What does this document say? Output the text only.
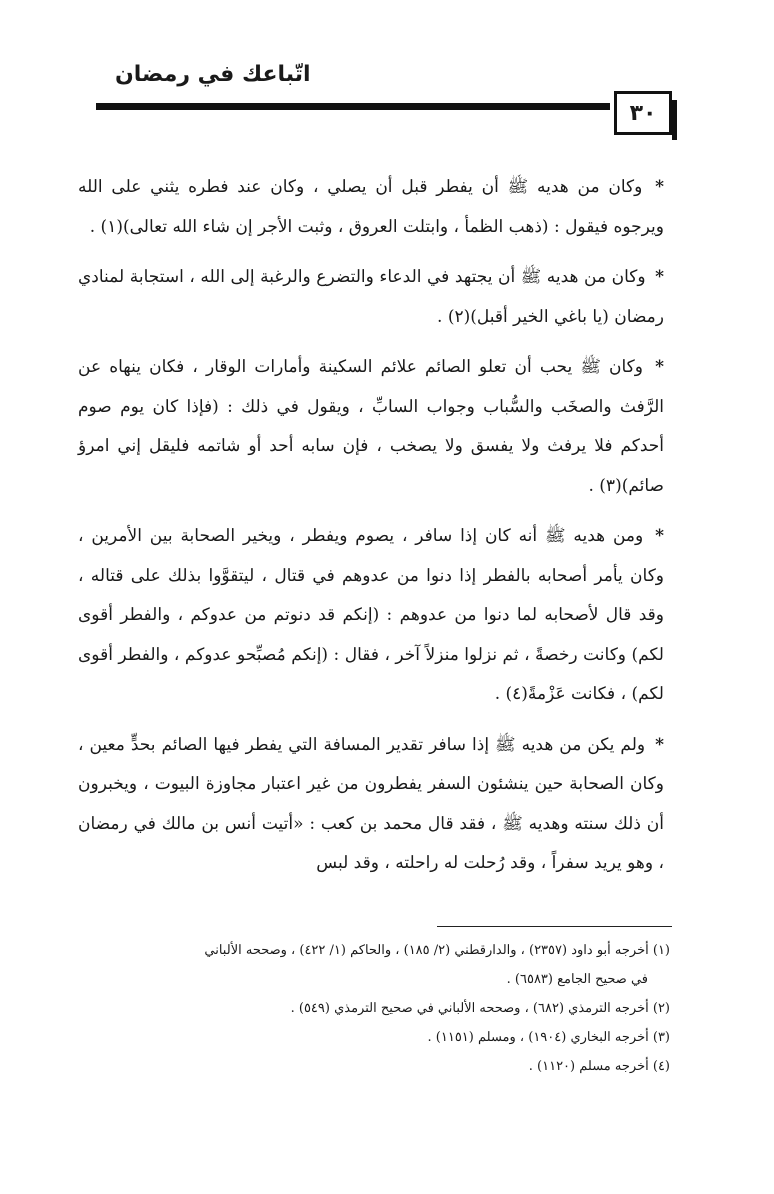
اتّباعك في رمضان
٣٠

* وكان من هديه ﷺ أن يفطر قبل أن يصلي ، وكان عند فطره يثني على الله ويرجوه فيقول : (ذهب الظمأ ، وابتلت العروق ، وثبت الأجر إن شاء الله تعالى)(١) .

* وكان من هديه ﷺ أن يجتهد في الدعاء والتضرع والرغبة إلى الله ، استجابة لمنادي رمضان (يا باغي الخير أقبل)(٢) .

* وكان ﷺ يحب أن تعلو الصائم علائم السكينة وأمارات الوقار ، فكان ينهاه عن الرَّفث والصخَب والسُّباب وجواب السابِّ ، ويقول في ذلك : (فإذا كان يوم صوم أحدكم فلا يرفث ولا يفسق ولا يصخب ، فإن سابه أحد أو شاتمه فليقل إني امرؤ صائم)(٣) .

* ومن هديه ﷺ أنه كان إذا سافر ، يصوم ويفطر ، ويخير الصحابة بين الأمرين ، وكان يأمر أصحابه بالفطر إذا دنوا من عدوهم في قتال ، ليتقوَّوا بذلك على قتاله ، وقد قال لأصحابه لما دنوا من عدوهم : (إنكم قد دنوتم من عدوكم ، والفطر أقوى لكم) وكانت رخصةً ، ثم نزلوا منزلاً آخر ، فقال : (إنكم مُصبِّحو عدوكم ، والفطر أقوى لكم) ، فكانت عَزْمةً(٤) .

* ولم يكن من هديه ﷺ إذا سافر تقدير المسافة التي يفطر فيها الصائم بحدٍّ معين ، وكان الصحابة حين ينشئون السفر يفطرون من غير اعتبار مجاوزة البيوت ، ويخبرون أن ذلك سنته وهديه ﷺ ، فقد قال محمد بن كعب : «أتيت أنس بن مالك في رمضان ، وهو يريد سفراً ، وقد رُحلت له راحلته ، وقد لبس

(١) أخرجه أبو داود (٢٣٥٧) ، والدارقطني (٢/ ١٨٥) ، والحاكم (١/ ٤٢٢) ، وصححه الألباني
في صحيح الجامع (٦٥٨٣) .

(٢) أخرجه الترمذي (٦٨٢) ، وصححه الألباني في صحيح الترمذي (٥٤٩) .

(٣) أخرجه البخاري (١٩٠٤) ، ومسلم (١١٥١) .

(٤) أخرجه مسلم (١١٢٠) .
